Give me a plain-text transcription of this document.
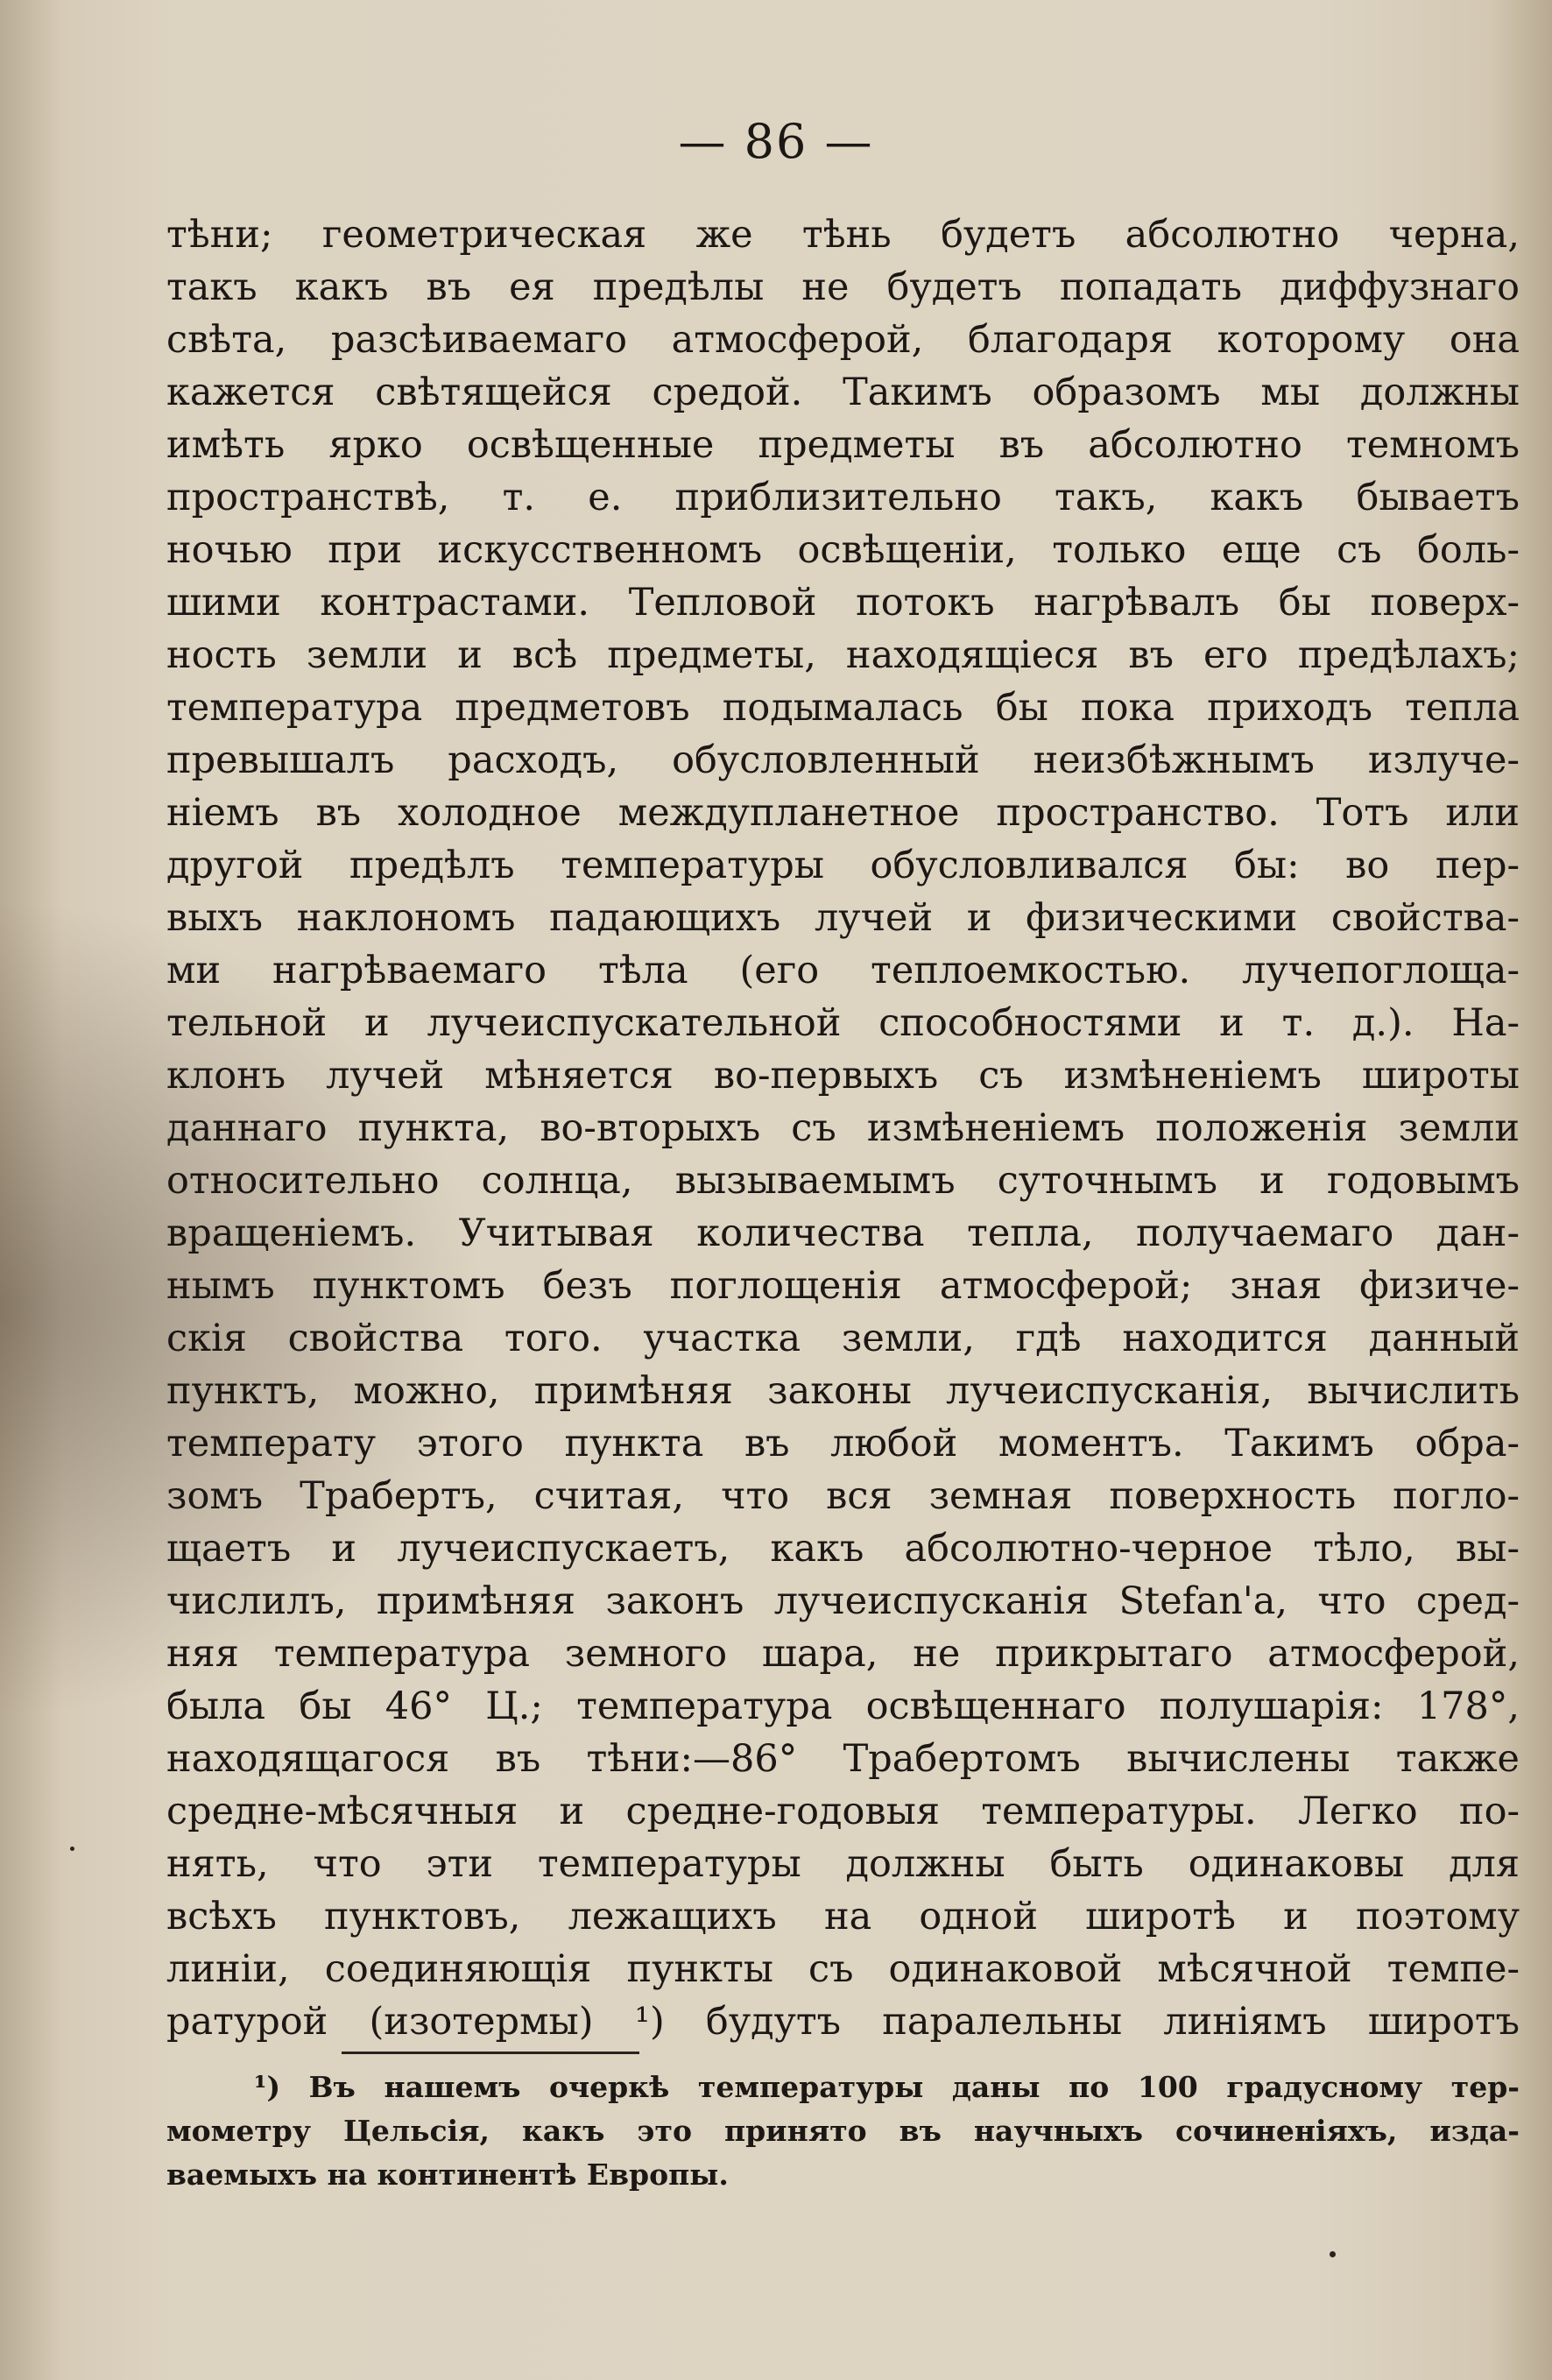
— 86 —
тѣни; геометрическая же тѣнь будетъ абсолютно черна,
такъ какъ въ ея предѣлы не будетъ попадать диффузнаго
свѣта, разсѣиваемаго атмосферой, благодаря которому она
кажется свѣтящейся средой. Такимъ образомъ мы должны
имѣть ярко освѣщенные предметы въ абсолютно темномъ
пространствѣ, т. е. приблизительно такъ, какъ бываетъ
ночью при искусственномъ освѣщеніи, только еще съ боль-
шими контрастами. Тепловой потокъ нагрѣвалъ бы поверх-
ность земли и всѣ предметы, находящіеся въ его предѣлахъ;
температура предметовъ подымалась бы пока приходъ тепла
превышалъ расходъ, обусловленный неизбѣжнымъ излуче-
ніемъ въ холодное междупланетное пространство. Тотъ или
другой предѣлъ температуры обусловливался бы: во пер-
выхъ наклономъ падающихъ лучей и физическими свойства-
ми нагрѣваемаго тѣла (его теплоемкостью. лучепоглоща-
тельной и лучеиспускательной способностями и т. д.). На-
клонъ лучей мѣняется во-первыхъ съ измѣненіемъ широты
даннаго пункта, во-вторыхъ съ измѣненіемъ положенія земли
относительно солнца, вызываемымъ суточнымъ и годовымъ
вращеніемъ. Учитывая количества тепла, получаемаго дан-
нымъ пунктомъ безъ поглощенія атмосферой; зная физиче-
скія свойства того. участка земли, гдѣ находится данный
пунктъ, можно, примѣняя законы лучеиспусканія, вычислить
температу этого пункта въ любой моментъ. Такимъ обра-
зомъ Трабертъ, считая, что вся земная поверхность погло-
щаетъ и лучеиспускаетъ, какъ абсолютно-черное тѣло, вы-
числилъ, примѣняя законъ лучеиспусканія Stefan'a, что сред-
няя температура земного шара, не прикрытаго атмосферой,
была бы 46° Ц.; температура освѣщеннаго полушарія: 178°,
находящагося въ тѣни:—86° Трабертомъ вычислены также
средне-мѣсячныя и средне-годовыя температуры. Легко по-
нять, что эти температуры должны быть одинаковы для
всѣхъ пунктовъ, лежащихъ на одной широтѣ и поэтому
линіи, соединяющія пункты съ одинаковой мѣсячной темпе-
ратурой (изотермы) ¹) будутъ паралельны линіямъ широтъ
¹) Въ нашемъ очеркѣ температуры даны по 100 градусному тер-
мометру Цельсія, какъ это принято въ научныхъ сочиненіяхъ, изда-
ваемыхъ на континентѣ Европы.
